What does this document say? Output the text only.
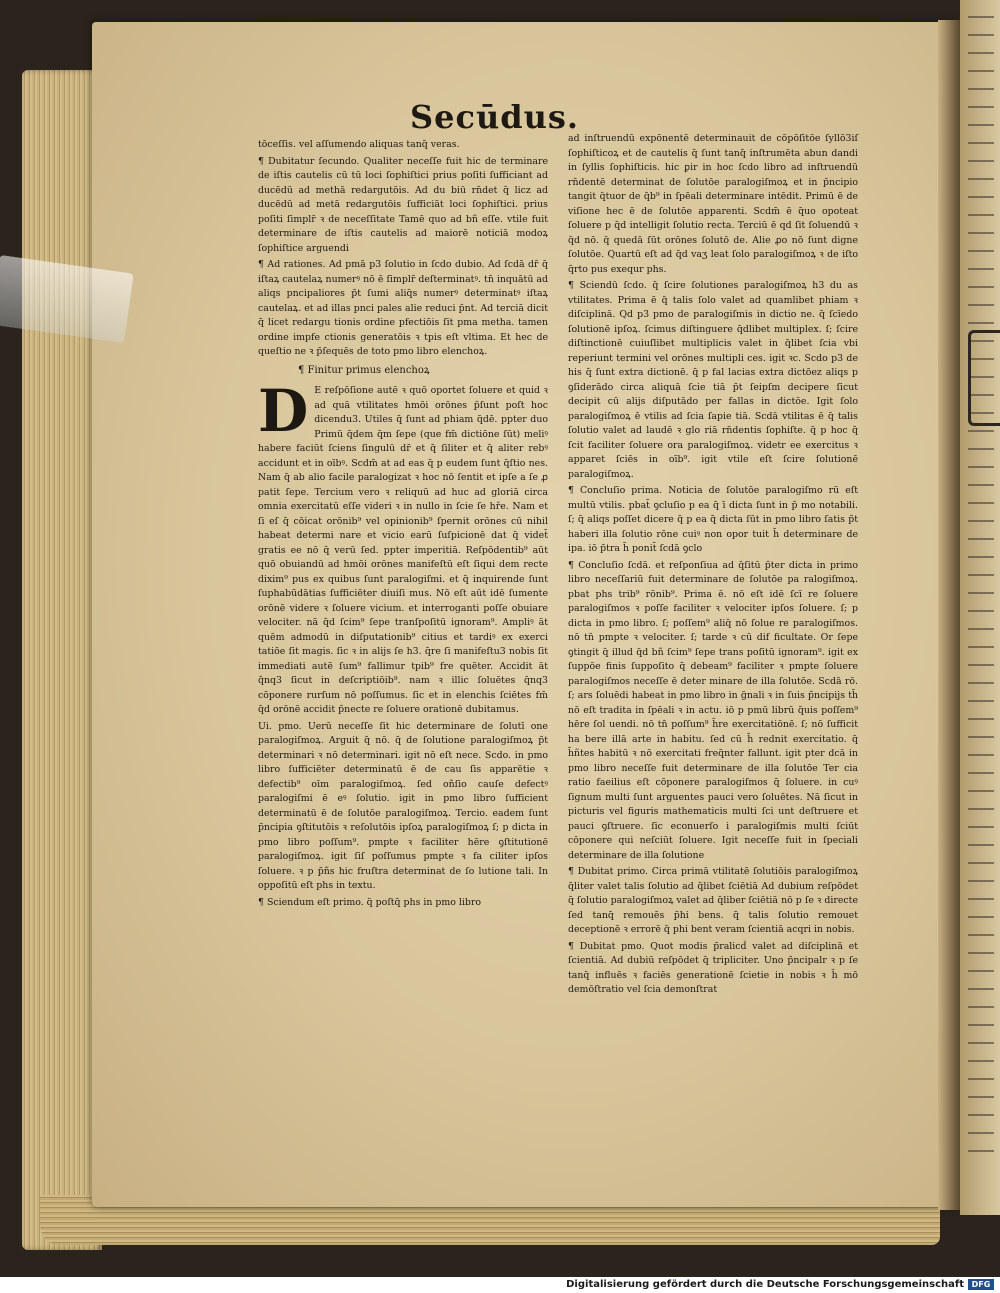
Secūdus.

tōceſſis. vel aſſumendo aliquas tanq̄ veras.

¶ Dubitatur ſecundo. Qualiter neceſſe fuit hic de terminare de iſtis cautelis cū tū loci ſophiſtici prius poſiti ſufficiant ad ducēdū ad methā redargutōis. Ad du biū rn̄det q̄ licz ad ducēdū ad metā redargutōis ſufficiāt loci ſophiſtici. prius poſiti ſimplr̄ ꝛ de neceſſitate Tamē quo ad bñ eſſe. vtile fuit determinare de iſtis cautelis ad maiorē noticiā modoꝝ ſophiſtice arguendi

¶ Ad rationes. Ad pmā p3 ſolutio in ſcdo dubio. Ad ſcdā dr̄ q̄ iſtaꝝ cautelaꝝ numerꝰ nō ē ſimplr̄ deſterminatꝰ. tn̄ inquātū ad aliqs pncipaliores p̄t ſumi aliq̄s numerꝰ determinatꝰ iſtaꝝ cautelaꝝ. et ad illas pnci pales alie reduci p̄nt. Ad terciā dicit q̄ licet redargu tionis ordine pfectiōis ſit pma metha. tamen ordine impfe ctionis generatōis ꝛ tpis eſt vltima. Et hec de queſtio ne ꝛ p̄ſequēs de toto pmo libro elenchoꝝ.

¶ Finitur primus elenchoꝝ

D E reſpōſione autē ꝛ quō oportet ſoluere et quid ꝛ ad quā vtilitates hmōi orōnes p̄ſunt poſt hoc dicendu3. Utiles q̄ ſunt ad phiam q̄dē. ppter duo Primū q̄dem q̄m ſepe (que fm̄ dictiōne ſūt) meliꝰ habere faciūt ſciens ſingulū dr̄ et q̄ ſiliter et q̄ aliter rebꝰ accidunt et in oībꝰ. Scdm̄ at ad eas q̄ p eudem ſunt q̄ſtio nes. Nam q̄ ab alio facile paralogizat ꝛ hoc nō ſentit et ipſe a ſe ꝓ patit ſepe. Tercium vero ꝛ reliquū ad huc ad gloriā circa omnia exercitatū eſſe videri ꝛ in nullo in ſcie ſe hře. Nam et ſi eſ q̄ cōicat orōnib⁹ vel opinionib⁹ ſpernit orōnes cū nihil habeat determi nare et vicio earū ſuſpicionē dat q̄ videt̄ gratis ee nō q̄ verū ſed. ppter imperitiā. Reſpōdentib⁹ aūt quō obuiandū ad hmōi orōnes manifeſtū eſt ſiqui dem recte dixim⁹ pus ex quibus ſunt paralogiſmi. et q̄ inquirende ſunt ſuphabūdātias ſufficiēter diuiſi mus. Nō eſt aūt idē ſumente orōnē videre ꝛ ſoluere vicium. et interroganti poſſe obuiare velociter. nā q̄d ſcim⁹ ſepe tranſpoſitū ignoram⁹. Ampliꝰ āt quēm admodū in diſputationib⁹ citius et tardiꝰ ex exerci tatiōe ſit magis. ſic ꝛ in alijs ſe h3. q̄re ſi manifeſtu3 nobis ſit immediati autē ſum⁹ fallimur tpib⁹ fre quēter. Accidit āt q̄nq3 ſicut in deſcriptiōib⁹. nam ꝛ illic ſoluētes q̄nq3 cōponere rurſum nō poſſumus. ſic et in elenchis ſciētes fm̄ q̄d orōnē accidit p̄necte re ſoluere orationē dubitamus.

Ui. pmo. Uerū neceſſe ſit hic determinare de ſolutī one paralogiſmoꝝ. Arguit q̄ nō. q̄ de ſolutione paralogiſmoꝝ p̄t determinari ꝛ nō determinari. igit nō eſt nece. Scdo. in pmo libro ſufficiēter determinatū ē de cau ſis apparētie ꝛ defectib⁹ oīm paralogiſmoꝝ. ſed oñſio cauſe defectꝰ paralogiſmi ē eꝰ ſolutio. igit in pmo libro ſufficient determinatū ē de ſolutōe paralogiſmoꝝ. Tercio. eadem ſunt p̄ncipia ꝯſtitutōis ꝛ reſolutōis ipſoꝝ paralogiſmoꝝ ſ; p dicta in pmo libro poſſum⁹. pmpte ꝛ faciliter hēre ꝯſtitutionē paralogiſmoꝝ. igit ſiſ poſſumus pmpte ꝛ fa ciliter ipſos ſoluere. ꝛ p p̄ñs hic fruſtra determinat de ſo lutione tali. In oppoſitū eſt phs in textu.

¶ Sciendum eſt primo. q̄ poſtq̄ phs in pmo libro

ad inſtruendū expōnentē determinauit de cōpōſitōe ſyllō3iſ ſophiſticoꝝ et de cautelis q̄ ſunt tanq̄ inſtrumēta abun dandi in ſyllis ſophiſticis. hic ꝑir in hoc ſcdo libro ad inſtruendū rn̄dentē determinat de ſolutōe paralogiſmoꝝ et in p̄ncipio tangit q̄tuor de q̄b⁹ in ſpēali determinare intēdit. Primū ē de viſione hec ē de ſolutōe apparenti. Scdm̄ ē q̄uo opoteat ſoluere p q̄d intelligit ſolutio recta. Terciū ē qd ſit ſoluendū ꝛ q̄d nō. q̄ quedā ſūt orōnes ſolutō de. Alie ꝓo nō ſunt digne ſolutōe. Quartū eſt ad q̄d vaʒ leat ſolo paralogiſmoꝝ ꝛ de iſto q̄rto pus exequr phs.

¶ Sciendū ſcdo. q̄ ſcire ſolutiones paralogiſmoꝝ h3 du as vtilitates. Prima ē q̄ talis ſolo valet ad quamlibet phiam ꝛ diſciplinā. Qd p3 pmo de paralogiſmis in dictio ne. q̄ ſcīedo ſolutionē ipſoꝝ. ſcimus diſtinguere q̄dlibet multiplex. ſ; ſcire diſtinctionē cuiuſlibet multiplicis valet in q̄libet ſcia vbi reperiunt termini vel orōnes multipli ces. igit ꝛc. Scdo p3 de his q̄ ſunt extra dictionē. q̄ p fal lacias extra dictōez aliqs p ꝯſiderādo circa aliquā ſcie tiā p̄t ſeipſm decipere ſicut decipit cū alijs diſputādo per fallas in dictōe. Igit ſolo paralogiſmoꝝ ē vtilis ad ſcia ſapie tiā. Scdā vtilitas ē q̄ talis ſolutio valet ad laudē ꝛ glo riā rn̄dentis ſophiſte. q̄ p hoc q̄ ſcit faciliter ſoluere ora paralogiſmoꝝ. videtr ee exercitus ꝛ apparet ſciēs in oīb⁹. igit vtile eſt ſcire ſolutionē paralogiſmoꝝ.

¶ Concluſio prima. Noticia de ſolutōe paralogiſmo rū eſt multū vtilis. pbat̄ ꝯcluſio p ea q̄ ī dicta ſunt in p̄ mo notabili. ſ; q̄ aliqs poſſet dicere q̄ p ea q̄ dicta ſūt in pmo libro ſatis p̄t haberi illa ſolutio rōne cuiꝰ non opor tuit h̄ determinare de ipa. iō p̄tra h̄ ponit̄ ſcdā ꝯclo

¶ Concluſio ſcdā. et reſponſiua ad q̄ſitū p̄ter dicta in primo libro neceſſariū fuit determinare de ſolutōe pa ralogiſmoꝝ. pbat phs trib⁹ rōnib⁹. Prima ē. nō eſt idē ſcī re ſoluere paralogiſmos ꝛ poſſe faciliter ꝛ velociter ipſos ſoluere. ſ; p dicta in pmo libro. ſ; poſſem⁹ aliq̄ nō ſolue re paralogiſmos. nō tn̄ pmpte ꝛ velociter. ſ; tarde ꝛ cū dif ficultate. Or ſepe ꝯtingit q̄ illud q̄d bñ ſcim⁹ ſepe trans poſitū ignoram⁹. igit ex ſuppōe finis ſuppoſito q̄ debeam⁹ faciliter ꝛ pmpte ſoluere paralogiſmos neceſſe ē deter minare de illa ſolutōe. Scdā rō. ſ; ars ſoluēdi habeat in pmo libro in g̃nali ꝛ in ſuis p̄ncipijs th̄ nō eſt tradita in ſpēali ꝛ in actu. iō p pmū librū q̄uis poſſem⁹ hēre ſol uendi. nō tn̄ poſſum⁹ h̄re exercitatiōnē. ſ; nō ſufficit ha bere illā arte in habitu. ſed cū h̄ rednit exercitatio. q̄ h̄ñtes habitū ꝛ nō exercitati freq̄nter fallunt. igit pter dcā in pmo libro neceſſe fuit determinare de illa ſolutōe Ter cia ratio faeilius eſt cōponere paralogiſmos q̄ ſoluere. in cuꝰ ſignum multi ſunt arguentes pauci vero ſoluētes. Nā ſicut in picturis vel figuris mathematicis multi ſci unt deſtruere et pauci ꝯſtruere. ſic econuerſo i paralogiſmis multi ſciūt cōponere qui neſciūt ſoluere. Igit neceſſe fuit in ſpeciali determinare de illa ſolutione

¶ Dubitat primo. Circa primā vtilitatē ſolutiōis paralogiſmoꝝ q̄liter valet talis ſolutio ad q̄libet ſciētiā Ad dubium reſpōdet q̄ ſolutio paralogiſmoꝝ valet ad q̄liber ſciētiā nō p ſe ꝛ directe ſed tanq̄ remouēs p̄hi bens. q̄ talis ſolutio remouet deceptionē ꝛ errorē q̄ phi bent veram ſcientiā acqri in nobis.

¶ Dubitat pmo. Quot modis p̄ralicḋ valet ad diſciplinā et ſcientiā. Ad dubiū reſpōdet q̄ tripliciter. Uno p̄ncipalr ꝛ p ſe tanq̄ influēs ꝛ faciēs generationē ſcietie in nobis ꝛ h̄ mō demōſtratio vel ſcia demonſtrat

Digitalisierung gefördert durch die Deutsche Forschungsgemeinschaft DFG
